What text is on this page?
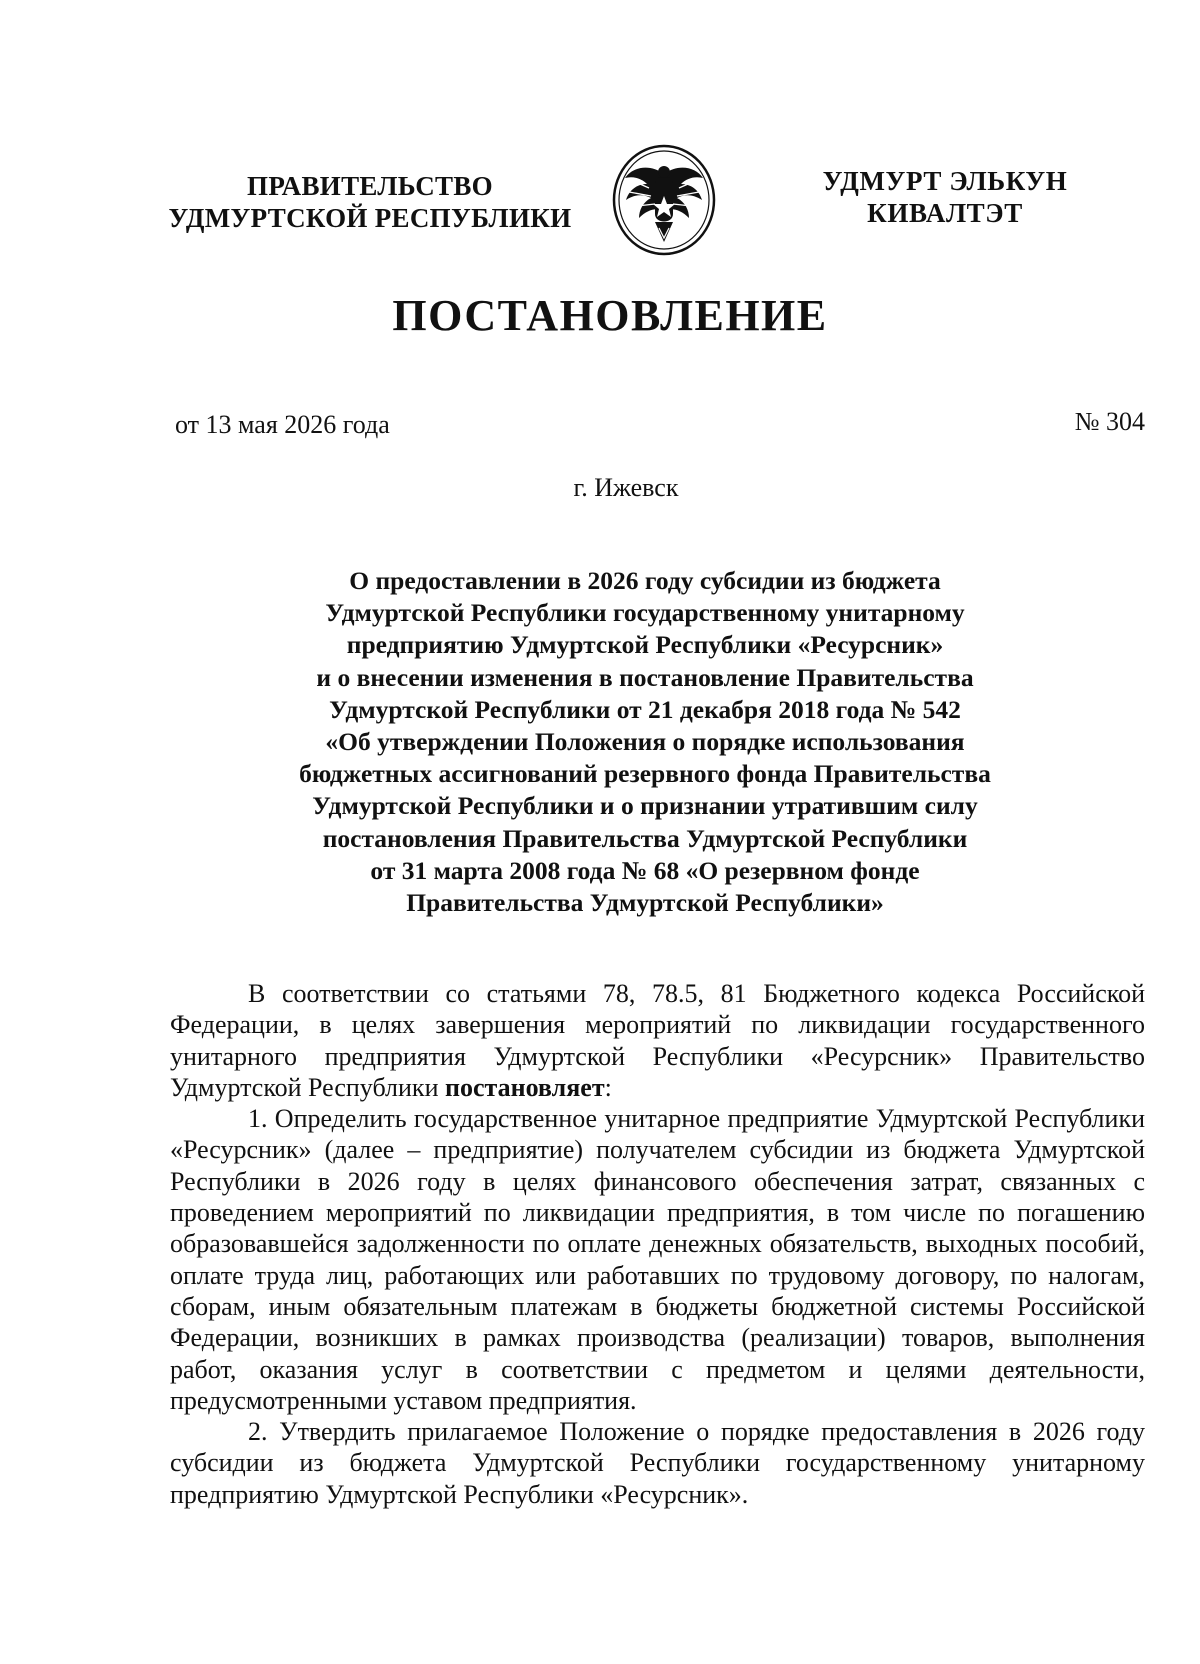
ПРАВИТЕЛЬСТВО
УДМУРТСКОЙ РЕСПУБЛИКИ
УДМУРТ ЭЛЬКУН
КИВАЛТЭТ
ПОСТАНОВЛЕНИЕ
от 13 мая 2026 года	№ 304
г. Ижевск
О предоставлении в 2026 году субсидии из бюджета
Удмуртской Республики государственному унитарному
предприятию Удмуртской Республики «Ресурсник»
и о внесении изменения в постановление Правительства
Удмуртской Республики от 21 декабря 2018 года № 542
«Об утверждении Положения о порядке использования
бюджетных ассигнований резервного фонда Правительства
Удмуртской Республики и о признании утратившим силу
постановления Правительства Удмуртской Республики
от 31 марта 2008 года № 68 «О резервном фонде
Правительства Удмуртской Республики»

В соответствии со статьями 78, 78.5, 81 Бюджетного кодекса Российской Федерации, в целях завершения мероприятий по ликвидации государственного унитарного предприятия Удмуртской Республики «Ресурсник» Правительство Удмуртской Республики постановляет:

1. Определить государственное унитарное предприятие Удмуртской Республики «Ресурсник» (далее – предприятие) получателем субсидии из бюджета Удмуртской Республики в 2026 году в целях финансового обеспечения затрат, связанных с проведением мероприятий по ликвидации предприятия, в том числе по погашению образовавшейся задолженности по оплате денежных обязательств, выходных пособий, оплате труда лиц, работающих или работавших по трудовому договору, по налогам, сборам, иным обязательным платежам в бюджеты бюджетной системы Российской Федерации, возникших в рамках производства (реализации) товаров, выполнения работ, оказания услуг в соответствии с предметом и целями деятельности, предусмотренными уставом предприятия.

2. Утвердить прилагаемое Положение о порядке предоставления в 2026 году субсидии из бюджета Удмуртской Республики государственному унитарному предприятию Удмуртской Республики «Ресурсник».
